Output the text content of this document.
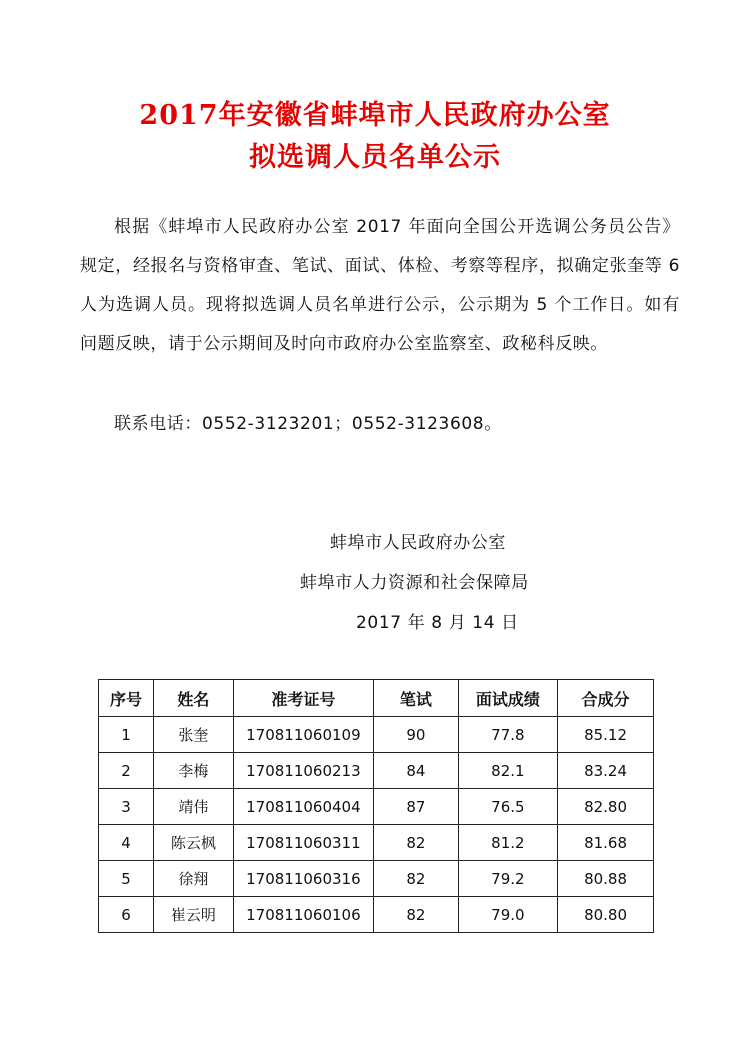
2017年安徽省蚌埠市人民政府办公室
拟选调人员名单公示

根据《蚌埠市人民政府办公室 2017 年面向全国公开选调公务员公告》规定，经报名与资格审查、笔试、面试、体检、考察等程序，拟确定张奎等 6 人为选调人员。现将拟选调人员名单进行公示，公示期为 5 个工作日。如有问题反映，请于公示期间及时向市政府办公室监察室、政秘科反映。

联系电话：0552-3123201；0552-3123608。

蚌埠市人民政府办公室
蚌埠市人力资源和社会保障局
2017 年 8 月 14 日
序号	姓名	准考证号	笔试	面试成绩	合成分
1	张奎	170811060109	90	77.8	85.12
2	李梅	170811060213	84	82.1	83.24
3	靖伟	170811060404	87	76.5	82.80
4	陈云枫	170811060311	82	81.2	81.68
5	徐翔	170811060316	82	79.2	80.88
6	崔云明	170811060106	82	79.0	80.80
